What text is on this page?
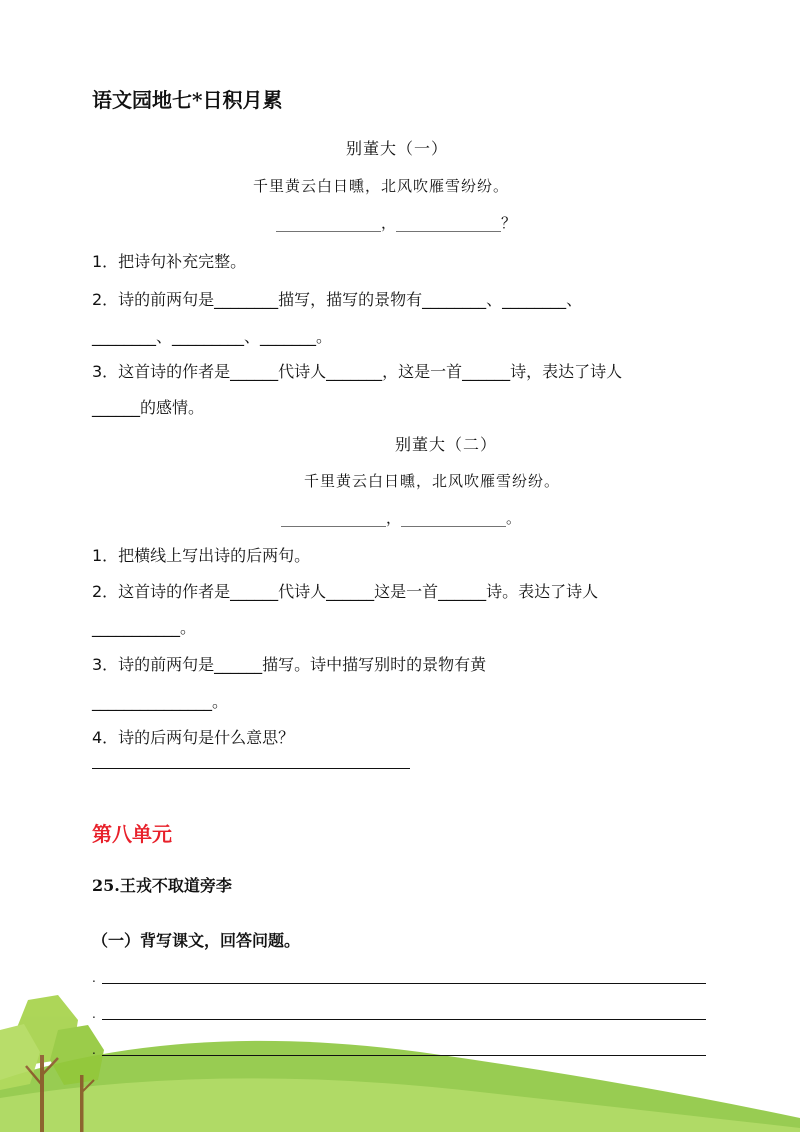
语文园地七*日积月累
别董大（一）
千里黄云白日曛，北风吹雁雪纷纷。
______________，______________？
1．把诗句补充完整。
2．诗的前两句是________描写，描写的景物有________、________、
________、_________、_______。
3．这首诗的作者是______代诗人_______，这是一首______诗，表达了诗人
______的感情。
别董大（二）
千里黄云白日曛，北风吹雁雪纷纷。
______________，______________。
1．把横线上写出诗的后两句。
2．这首诗的作者是______代诗人______这是一首______诗。表达了诗人
___________。
3．诗的前两句是______描写。诗中描写别时的景物有黄
_______________。
4．诗的后两句是什么意思？
第八单元
25.王戎不取道旁李
（一）背写课文，回答问题。
.
.
.
